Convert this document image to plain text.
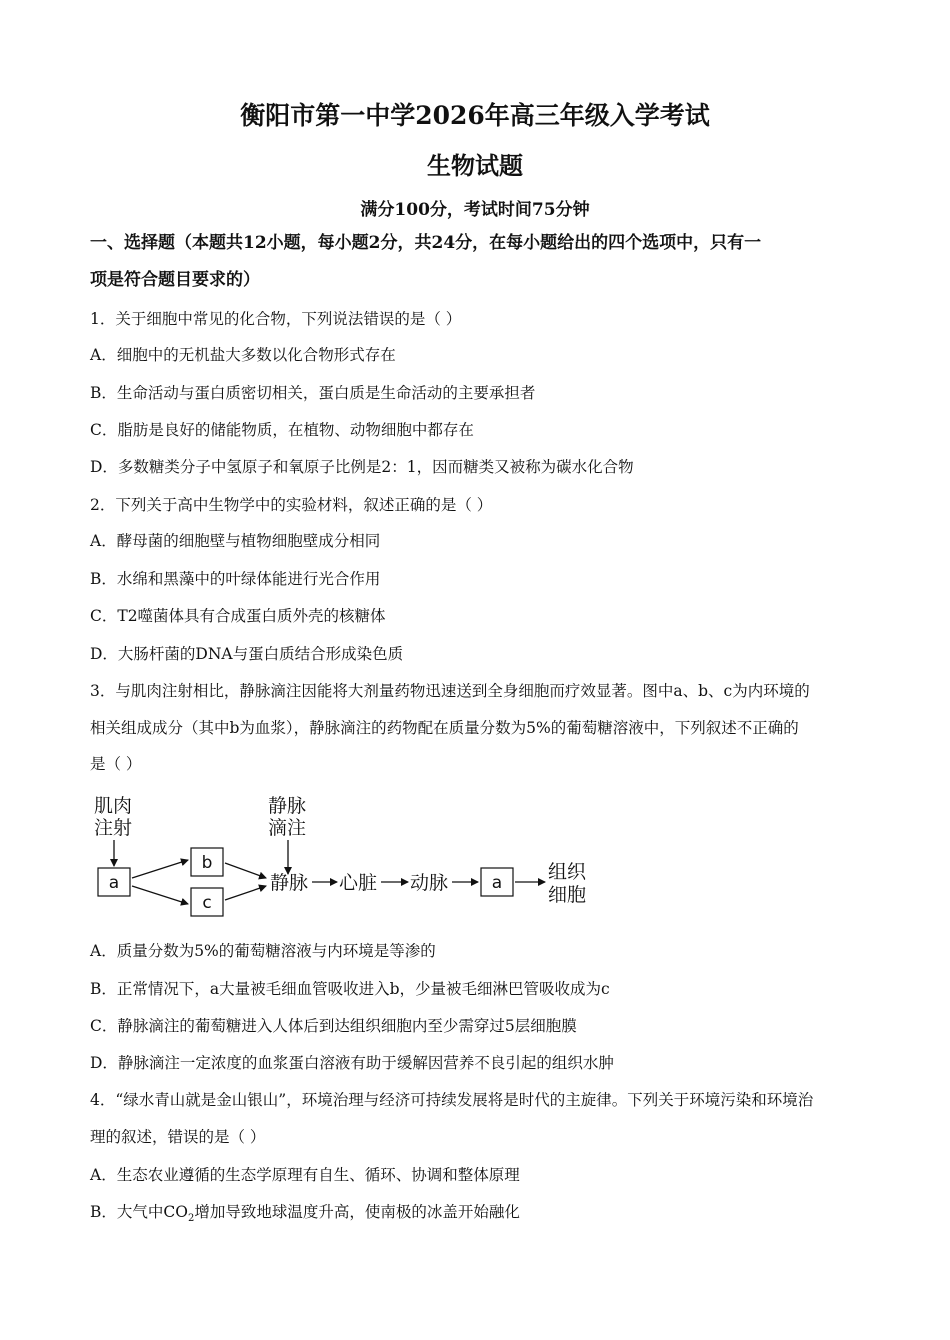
衡阳市第一中学2026年高三年级入学考试
生物试题
满分100分，考试时间75分钟
一、选择题（本题共12小题，每小题2分，共24分，在每小题给出的四个选项中，只有一
项是符合题目要求的）
1．关于细胞中常见的化合物，下列说法错误的是（ ）
A．细胞中的无机盐大多数以化合物形式存在
B．生命活动与蛋白质密切相关，蛋白质是生命活动的主要承担者
C．脂肪是良好的储能物质，在植物、动物细胞中都存在
D．多数糖类分子中氢原子和氧原子比例是2：1，因而糖类又被称为碳水化合物
2．下列关于高中生物学中的实验材料，叙述正确的是（ ）
A．酵母菌的细胞壁与植物细胞壁成分相同
B．水绵和黑藻中的叶绿体能进行光合作用
C．T2噬菌体具有合成蛋白质外壳的核糖体
D．大肠杆菌的DNA与蛋白质结合形成染色质
3．与肌肉注射相比，静脉滴注因能将大剂量药物迅速送到全身细胞而疗效显著。图中a、b、c为内环境的
相关组成成分（其中b为血浆），静脉滴注的药物配在质量分数为5%的葡萄糖溶液中，下列叙述不正确的
是（ ）
肌肉
注射
静脉
滴注
a
b
c
静脉 心脏 动脉	a 组织
细胞
A．质量分数为5%的葡萄糖溶液与内环境是等渗的
B．正常情况下，a大量被毛细血管吸收进入b，少量被毛细淋巴管吸收成为c
C．静脉滴注的葡萄糖进入人体后到达组织细胞内至少需穿过5层细胞膜
D．静脉滴注一定浓度的血浆蛋白溶液有助于缓解因营养不良引起的组织水肿
4．“绿水青山就是金山银山”，环境治理与经济可持续发展将是时代的主旋律。下列关于环境污染和环境治
理的叙述，错误的是（ ）
A．生态农业遵循的生态学原理有自生、循环、协调和整体原理
B．大气中$CO_2$增加导致地球温度升高，使南极的冰盖开始融化
